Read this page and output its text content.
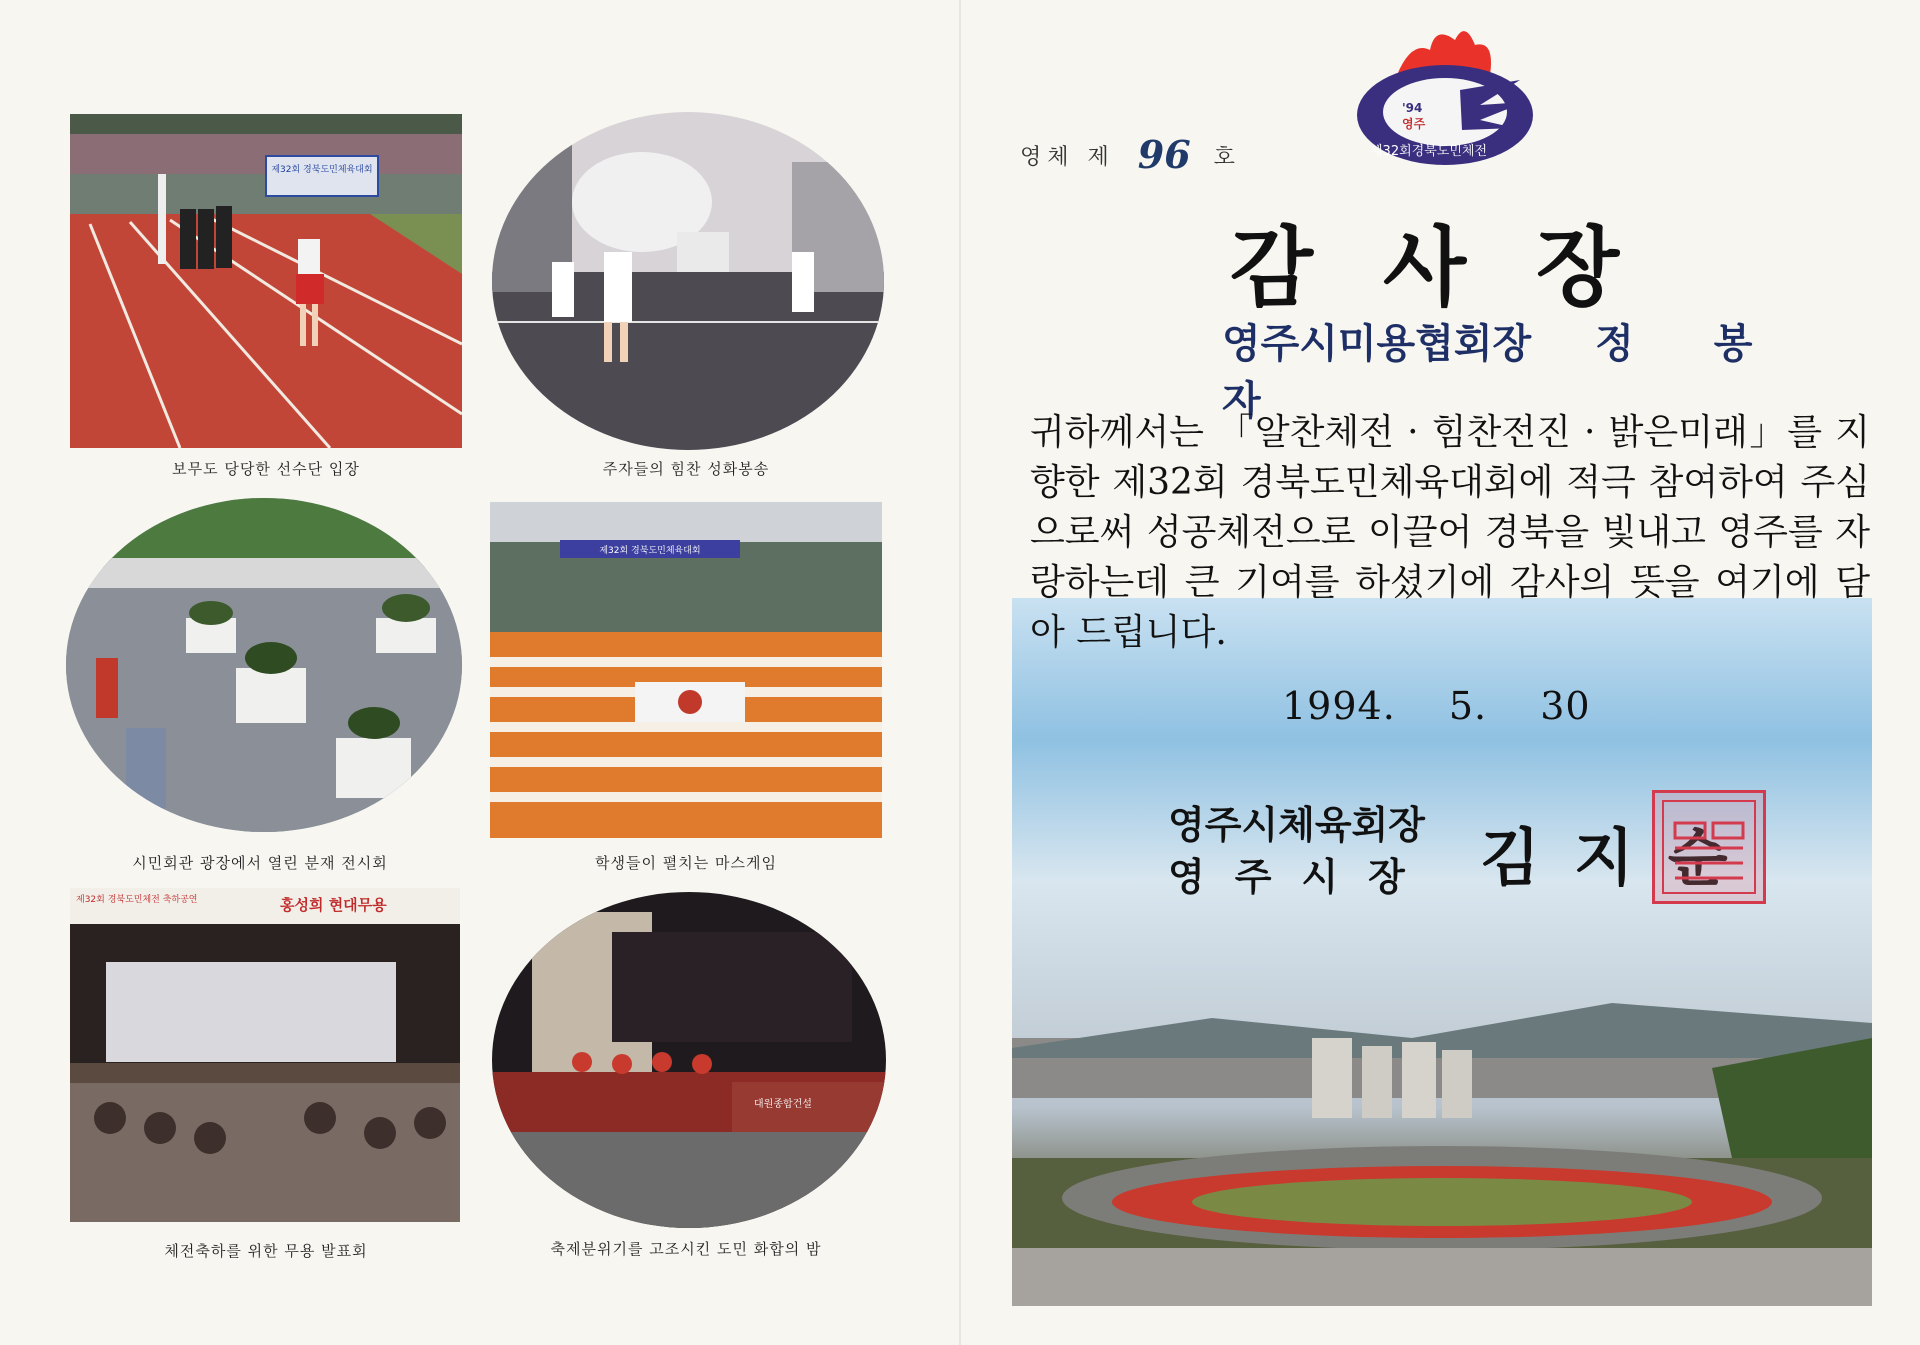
제32회 경북도민체육대회
보무도 당당한 선수단 입장	주자들의 힘찬 성화봉송
시민회관 광장에서 열린 분재 전시회
제32회 경북도민체육대회
학생들이 펼치는 마스게임
제32회 경북도민체전 축하공연	홍성희 현대무용
체전축하를 위한 무용 발표회
대원종합건설
축제분위기를 고조시킨 도민 화합의 밤
'94
영주
제32회경북도민체전
영체 제 96 호
감사장
영주시미용협회장 정봉자
귀하께서는 「알찬체전 · 힘찬전진 · 밝은미래」를 지향한 제32회 경북도민체육대회에 적극 참여하여 주심으로써 성공체전으로 이끌어 경북을 빛내고 영주를 자랑하는데 큰 기여를 하셨기에 감사의 뜻을 여기에 담아 드립니다.
1994. 5. 30
영주시체육회장
영주시장 김지순
